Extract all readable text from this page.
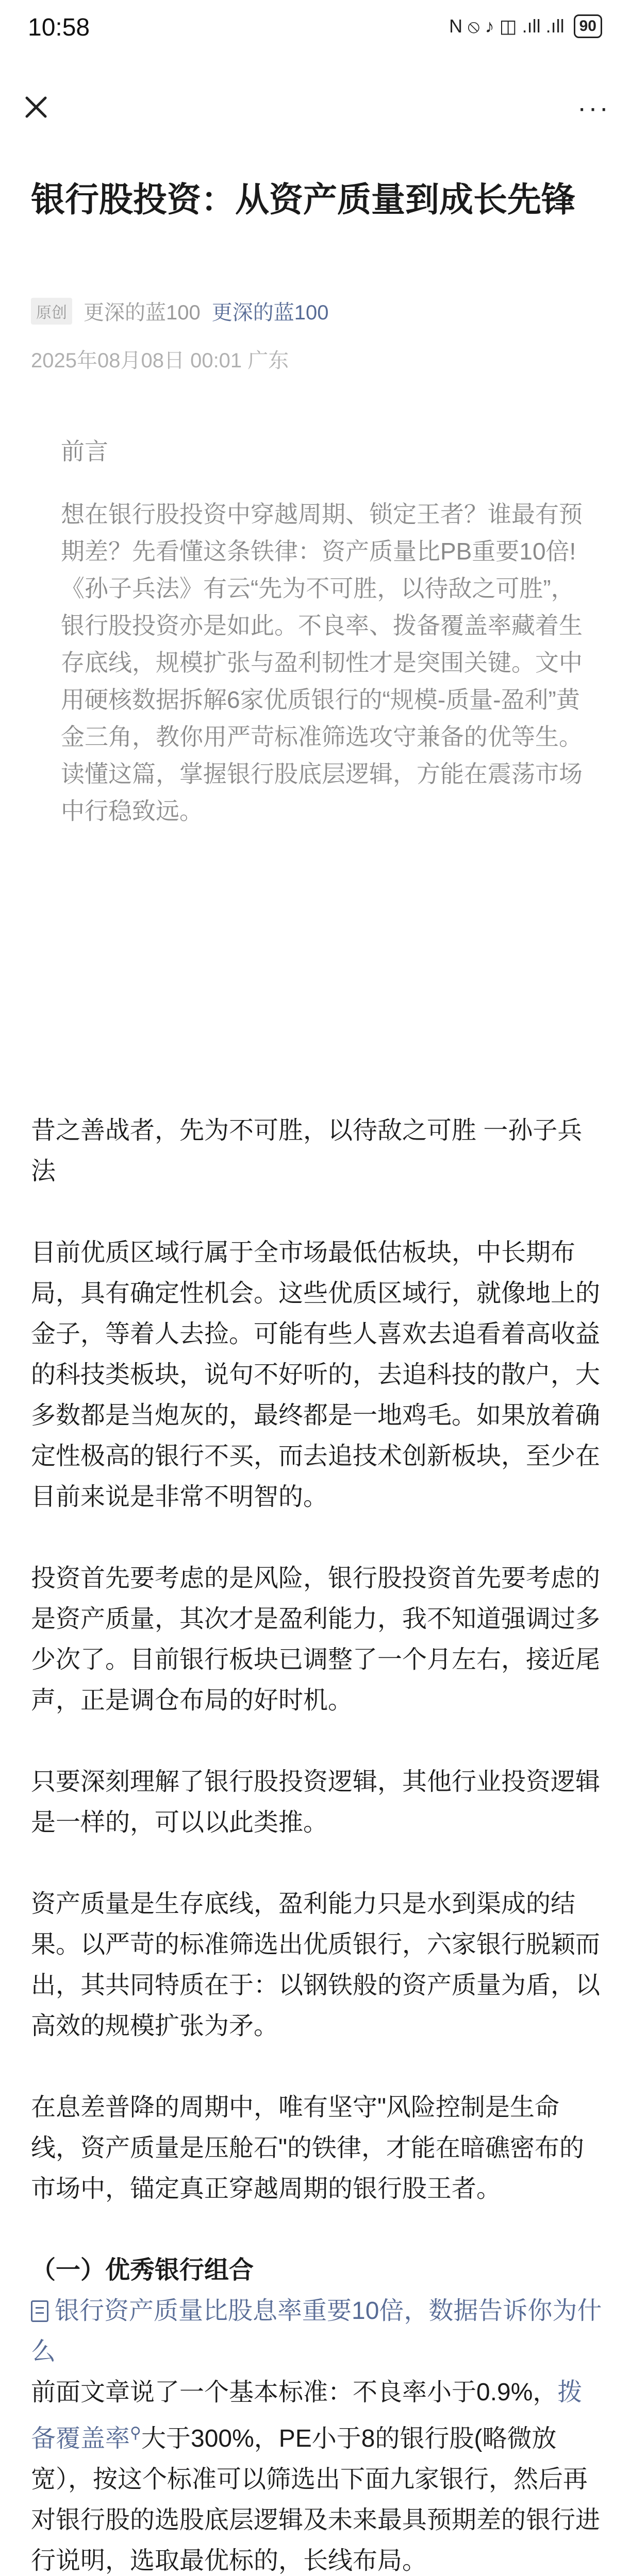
10:58	N ⦸ ♪ ◫ .ıll .ıll 90
···
银行股投资：从资产质量到成长先锋
原创 更深的蓝100 更深的蓝100
2025年08月08日 00:01 广东
前言

想在银行股投资中穿越周期、锁定王者？谁最有预期差？先看懂这条铁律：资产质量比PB重要10倍!《孙子兵法》有云“先为不可胜，以待敌之可胜”，银行股投资亦是如此。不良率、拨备覆盖率藏着生存底线，规模扩张与盈利韧性才是突围关键。文中用硬核数据拆解6家优质银行的“规模-质量-盈利”黄金三角，教你用严苛标准筛选攻守兼备的优等生。读懂这篇，掌握银行股底层逻辑，方能在震荡市场中行稳致远。

昔之善战者，先为不可胜，以待敌之可胜 一孙子兵法

目前优质区域行属于全市场最低估板块，中长期布局，具有确定性机会。这些优质区域行，就像地上的金子，等着人去捡。可能有些人喜欢去追看着高收益的科技类板块，说句不好听的，去追科技的散户，大多数都是当炮灰的，最终都是一地鸡毛。如果放着确定性极高的银行不买，而去追技术创新板块，至少在目前来说是非常不明智的。

投资首先要考虑的是风险，银行股投资首先要考虑的是资产质量，其次才是盈利能力，我不知道强调过多少次了。目前银行板块已调整了一个月左右，接近尾声，正是调仓布局的好时机。

只要深刻理解了银行股投资逻辑，其他行业投资逻辑是一样的，可以以此类推。

资产质量是生存底线，盈利能力只是水到渠成的结果。以严苛的标准筛选出优质银行，六家银行脱颖而出，其共同特质在于：以钢铁般的资产质量为盾，以高效的规模扩张为矛。

在息差普降的周期中，唯有坚守"风险控制是生命线，资产质量是压舱石"的铁律，才能在暗礁密布的市场中，锚定真正穿越周期的银行股王者。

（一）优秀银行组合

银行资产质量比股息率重要10倍，数据告诉你为什么

前面文章说了一个基本标准：不良率小于0.9%，拨备覆盖率⚲大于300%，PE小于8的银行股(略微放宽），按这个标准可以筛选出下面九家银行，然后再对银行股的选股底层逻辑及未来最具预期差的银行进行说明，选取最优标的，长线布局。
